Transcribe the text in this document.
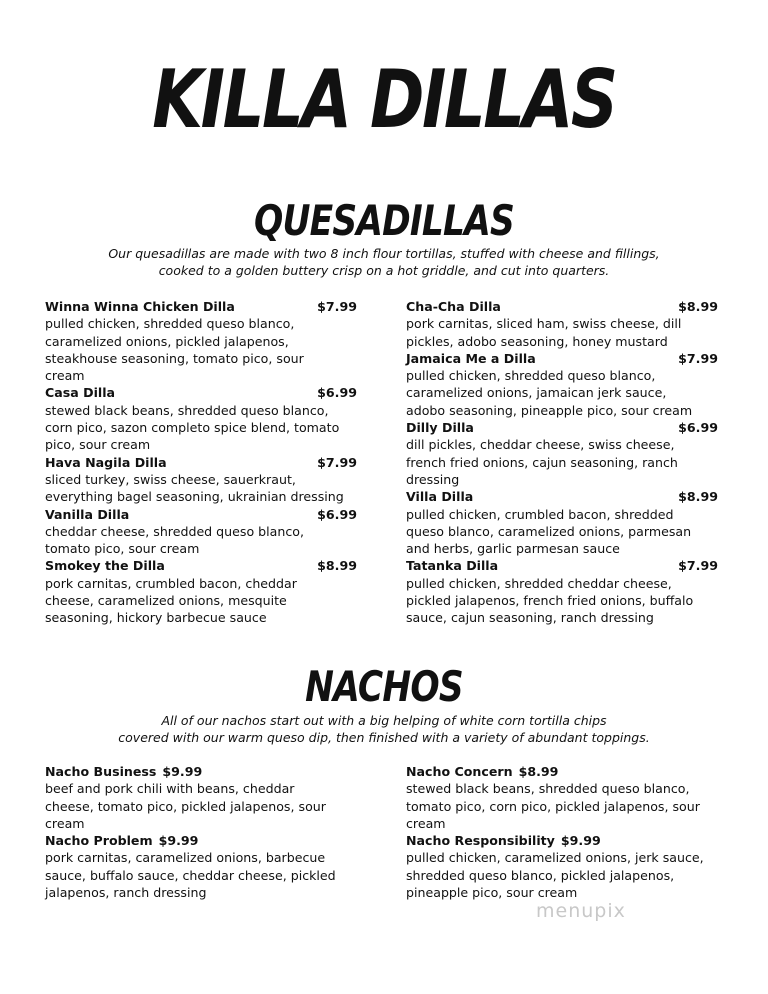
KILLA DILLAS
QUESADILLAS
Our quesadillas are made with two 8 inch flour tortillas, stuffed with cheese and fillings,
cooked to a golden buttery crisp on a hot griddle, and cut into quarters.
Winna Winna Chicken Dilla	$7.99
pulled chicken, shredded queso blanco,
caramelized onions, pickled jalapenos,
steakhouse seasoning, tomato pico, sour
cream
Casa Dilla	$6.99
stewed black beans, shredded queso blanco,
corn pico, sazon completo spice blend, tomato
pico, sour cream
Hava Nagila Dilla	$7.99
sliced turkey, swiss cheese, sauerkraut,
everything bagel seasoning, ukrainian dressing
Vanilla Dilla	$6.99
cheddar cheese, shredded queso blanco,
tomato pico, sour cream
Smokey the Dilla	$8.99
pork carnitas, crumbled bacon, cheddar
cheese, caramelized onions, mesquite
seasoning, hickory barbecue sauce
Cha-Cha Dilla	$8.99
pork carnitas, sliced ham, swiss cheese, dill
pickles, adobo seasoning, honey mustard
Jamaica Me a Dilla	$7.99
pulled chicken, shredded queso blanco,
caramelized onions, jamaican jerk sauce,
adobo seasoning, pineapple pico, sour cream
Dilly Dilla	$6.99
dill pickles, cheddar cheese, swiss cheese,
french fried onions, cajun seasoning, ranch
dressing
Villa Dilla	$8.99
pulled chicken, crumbled bacon, shredded
queso blanco, caramelized onions, parmesan
and herbs, garlic parmesan sauce
Tatanka Dilla	$7.99
pulled chicken, shredded cheddar cheese,
pickled jalapenos, french fried onions, buffalo
sauce, cajun seasoning, ranch dressing
NACHOS
All of our nachos start out with a big helping of white corn tortilla chips
covered with our warm queso dip, then finished with a variety of abundant toppings.
Nacho Business $9.99
beef and pork chili with beans, cheddar
cheese, tomato pico, pickled jalapenos, sour
cream
Nacho Problem $9.99
pork carnitas, caramelized onions, barbecue
sauce, buffalo sauce, cheddar cheese, pickled
jalapenos, ranch dressing
Nacho Concern $8.99
stewed black beans, shredded queso blanco,
tomato pico, corn pico, pickled jalapenos, sour
cream
Nacho Responsibility $9.99
pulled chicken, caramelized onions, jerk sauce,
shredded queso blanco, pickled jalapenos,
pineapple pico, sour cream
menupix
